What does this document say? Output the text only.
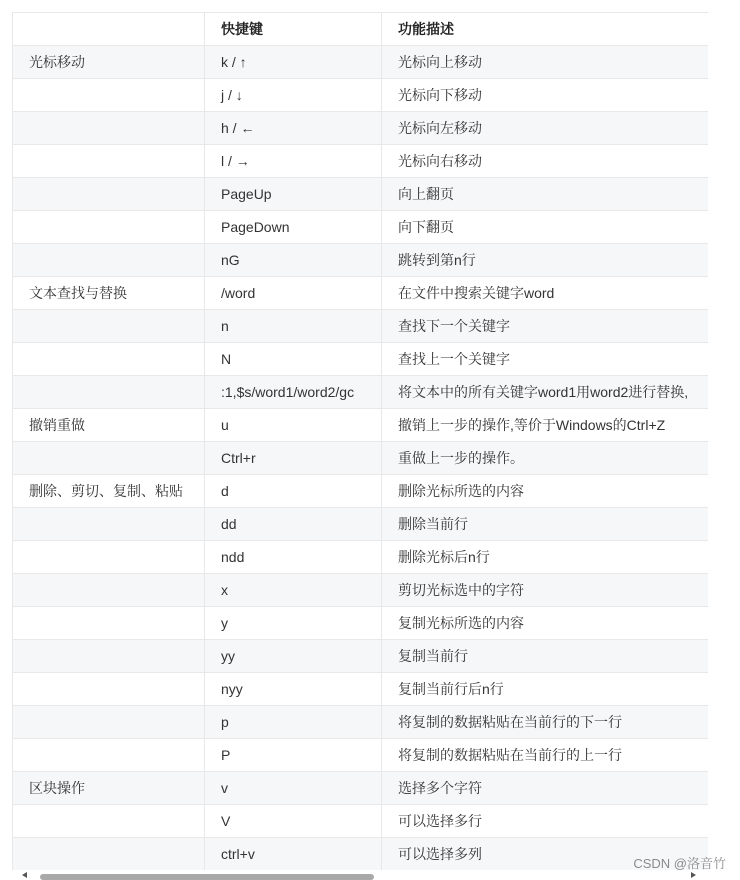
	快捷键	功能描述
光标移动	k / ↑	光标向上移动
	j / ↓	光标向下移动
	h / ←	光标向左移动
	l / →	光标向右移动
	PageUp	向上翻页
	PageDown	向下翻页
	nG	跳转到第n行
文本查找与替换	/word	在文件中搜索关键字word
	n	查找下一个关键字
	N	查找上一个关键字
	:1,$s/word1/word2/gc	将文本中的所有关键字word1用word2进行替换,
撤销重做	u	撤销上一步的操作,等价于Windows的Ctrl+Z
	Ctrl+r	重做上一步的操作。
删除、剪切、复制、粘贴	d	删除光标所选的内容
	dd	删除当前行
	ndd	删除光标后n行
	x	剪切光标选中的字符
	y	复制光标所选的内容
	yy	复制当前行
	nyy	复制当前行后n行
	p	将复制的数据粘贴在当前行的下一行
	P	将复制的数据粘贴在当前行的上一行
区块操作	v	选择多个字符
	V	可以选择多行
	ctrl+v	可以选择多列
CSDN @洛音竹
